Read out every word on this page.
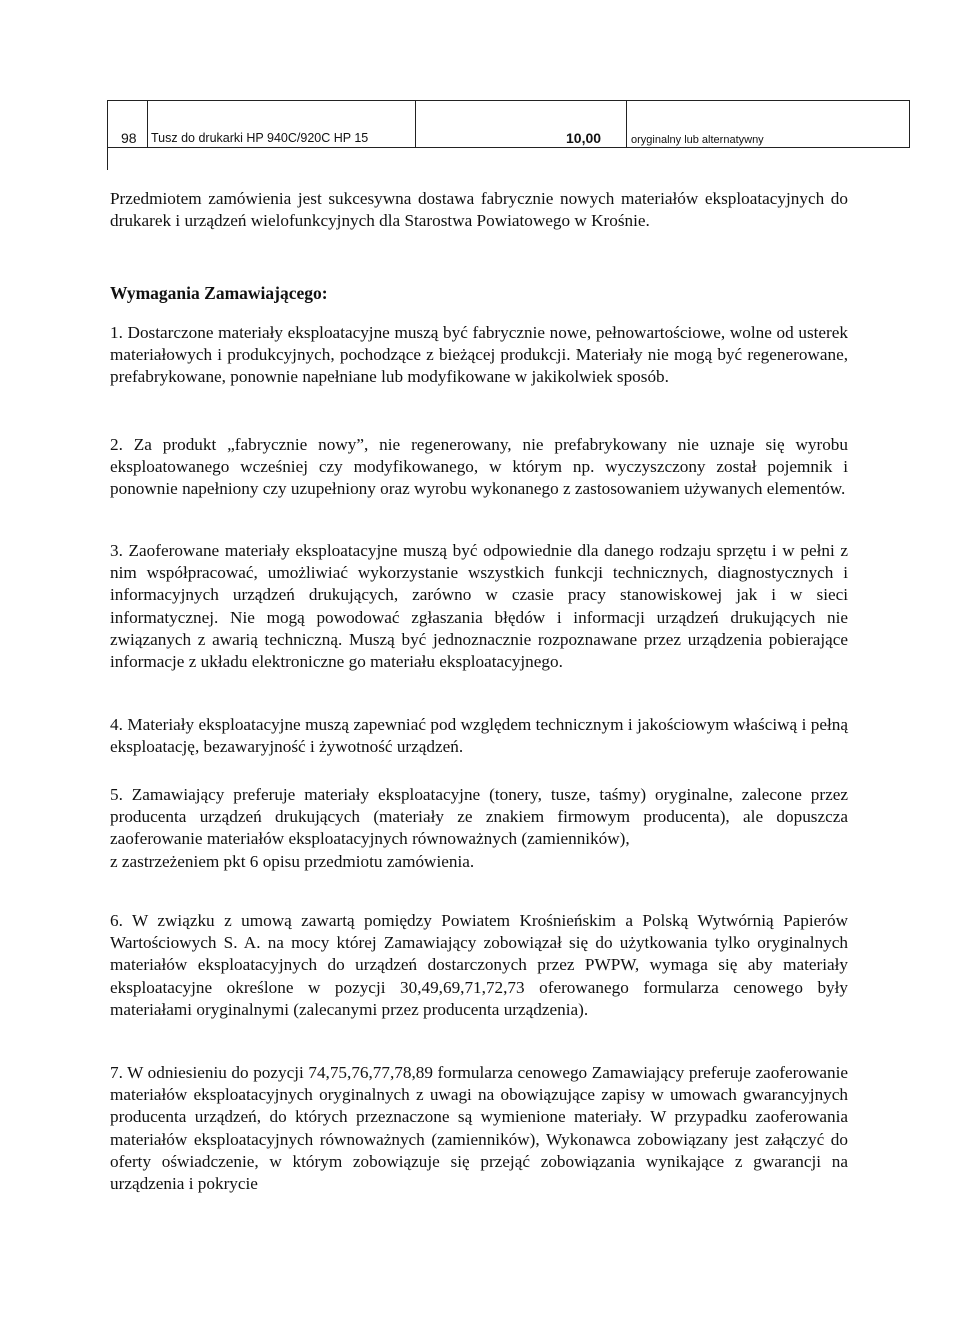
98 Tusz do drukarki HP 940C/920C HP 15	10,00	oryginalny lub alternatywny

Przedmiotem zamówienia jest sukcesywna dostawa fabrycznie nowych materiałów eksploatacyjnych do drukarek i urządzeń wielofunkcyjnych dla Starostwa Powiatowego w Krośnie.

Wymagania Zamawiającego:

1. Dostarczone materiały eksploatacyjne muszą być fabrycznie nowe, pełnowartościowe, wolne od usterek materiałowych i produkcyjnych, pochodzące z bieżącej produkcji. Materiały nie mogą być regenerowane, prefabrykowane, ponownie napełniane lub modyfikowane w jakikolwiek sposób.

2. Za produkt „fabrycznie nowy”, nie regenerowany, nie prefabrykowany nie uznaje się wyrobu eksploatowanego wcześniej czy modyfikowanego, w którym np. wyczyszczony został pojemnik i ponownie napełniony czy uzupełniony oraz wyrobu wykonanego z zastosowaniem używanych elementów.

3. Zaoferowane materiały eksploatacyjne muszą być odpowiednie dla danego rodzaju sprzętu i w pełni z nim współpracować, umożliwiać wykorzystanie wszystkich funkcji technicznych, diagnostycznych i informacyjnych urządzeń drukujących, zarówno w czasie pracy stanowiskowej jak i w sieci informatycznej. Nie mogą powodować zgłaszania błędów i informacji urządzeń drukujących nie związanych z awarią techniczną. Muszą być jednoznacznie rozpoznawane przez urządzenia pobierające informacje z układu elektroniczne go materiału eksploatacyjnego.

4. Materiały eksploatacyjne muszą zapewniać pod względem technicznym i jakościowym właściwą i pełną eksploatację, bezawaryjność i żywotność urządzeń.

5. Zamawiający preferuje materiały eksploatacyjne (tonery, tusze, taśmy) oryginalne, zalecone przez producenta urządzeń drukujących (materiały ze znakiem firmowym producenta), ale dopuszcza zaoferowanie materiałów eksploatacyjnych równoważnych (zamienników),

z zastrzeżeniem pkt 6 opisu przedmiotu zamówienia.

6. W związku z umową zawartą pomiędzy Powiatem Krośnieńskim a Polską Wytwórnią Papierów Wartościowych S. A. na mocy której Zamawiający zobowiązał się do użytkowania tylko oryginalnych materiałów eksploatacyjnych do urządzeń dostarczonych przez PWPW, wymaga się aby materiały eksploatacyjne określone w pozycji 30,49,69,71,72,73 oferowanego formularza cenowego były materiałami oryginalnymi (zalecanymi przez producenta urządzenia).

7. W odniesieniu do pozycji 74,75,76,77,78,89 formularza cenowego Zamawiający preferuje zaoferowanie materiałów eksploatacyjnych oryginalnych z uwagi na obowiązujące zapisy w umowach gwarancyjnych producenta urządzeń, do których przeznaczone są wymienione materiały. W przypadku zaoferowania materiałów eksploatacyjnych równoważnych (zamienników), Wykonawca zobowiązany jest załączyć do oferty oświadczenie, w którym zobowiązuje się przejąć zobowiązania wynikające z gwarancji na urządzenia i pokrycie
